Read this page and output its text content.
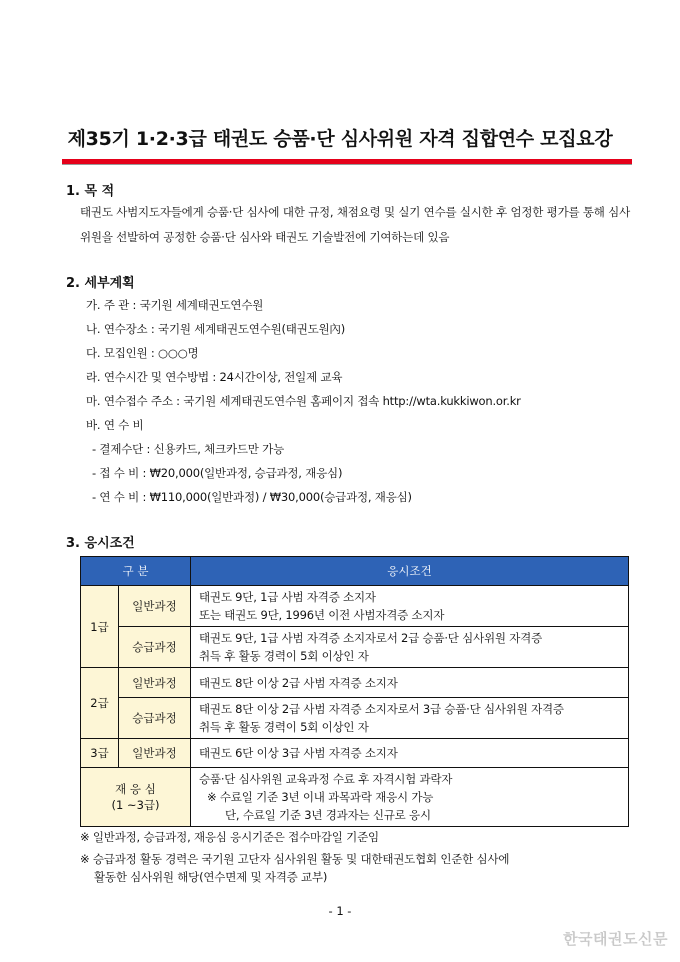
제35기 1·2·3급 태권도 승품·단 심사위원 자격 집합연수 모집요강
1. 목 적
태권도 사범지도자들에게 승품·단 심사에 대한 규정, 채점요령 및 실기 연수를 실시한 후 엄정한 평가를 통해 심사위원을 선발하여 공정한 승품·단 심사와 태권도 기술발전에 기여하는데 있음
2. 세부계획
가. 주 관 : 국기원 세계태권도연수원
나. 연수장소 : 국기원 세계태권도연수원(태권도원內)
다. 모집인원 : ○○○명
라. 연수시간 및 연수방법 : 24시간이상, 전일제 교육
마. 연수접수 주소 : 국기원 세계태권도연수원 홈페이지 접속 http://wta.kukkiwon.or.kr
바. 연 수 비
- 결제수단 : 신용카드, 체크카드만 가능
- 접 수 비 : ₩20,000(일반과정, 승급과정, 재응심)
- 연 수 비 : ₩110,000(일반과정) / ₩30,000(승급과정, 재응심)
3. 응시조건
구 분		응시조건
1급	일반과정	태권도 9단, 1급 사범 자격증 소지자
또는 태권도 9단, 1996년 이전 사범자격증 소지자

	승급과정	태권도 9단, 1급 사범 자격증 소지자로서 2급 승품·단 심사위원 자격증
취득 후 활동 경력이 5회 이상인 자

2급	일반과정	태권도 8단 이상 2급 사범 자격증 소지자

	승급과정	태권도 8단 이상 2급 사범 자격증 소지자로서 3급 승품·단 심사위원 자격증
취득 후 활동 경력이 5회 이상인 자

3급	일반과정	태권도 6단 이상 3급 사범 자격증 소지자

재 응 심
(1 ~3급)		승품·단 심사위원 교육과정 수료 후 자격시험 과락자
※ 수료일 기준 3년 이내 과목과락 재응시 가능
단, 수료일 기준 3년 경과자는 신규로 응시
※ 일반과정, 승급과정, 재응심 응시기준은 접수마감일 기준임
※ 승급과정 활동 경력은 국기원 고단자 심사위원 활동 및 대한태권도협회 인준한 심사에
활동한 심사위원 해당(연수면제 및 자격증 교부)
- 1 -
한국태권도신문
